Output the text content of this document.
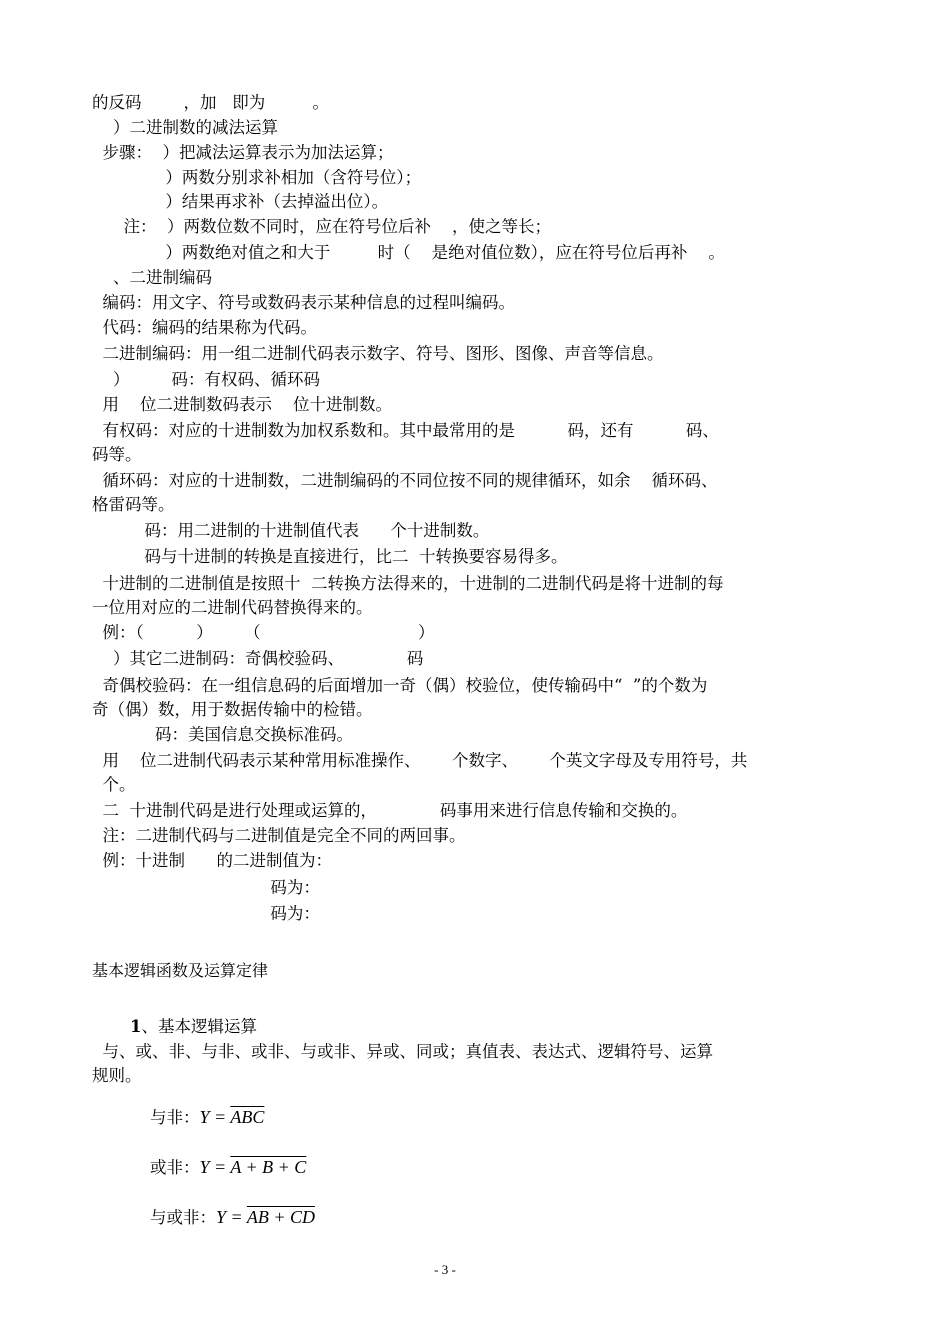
的反码        ，加   即为         。
）二进制数的减法运算
步骤：  ）把减法运算表示为加法运算；
）两数分别求补相加（含符号位）；
）结果再求补（去掉溢出位）。
注：  ）两数位数不同时，应在符号位后补    ，使之等长；
）两数绝对值之和大于         时（    是绝对值位数），应在符号位后再补    。
、二进制编码
编码：用文字、符号或数码表示某种信息的过程叫编码。
代码：编码的结果称为代码。
二进制编码：用一组二进制代码表示数字、符号、图形、图像、声音等信息。
）        码：有权码、循环码
用    位二进制数码表示    位十进制数。
有权码：对应的十进制数为加权系数和。其中最常用的是          码，还有          码、
码等。
循环码：对应的十进制数，二进制编码的不同位按不同的规律循环，如余    循环码、
格雷码等。
码：用二进制的十进制值代表      个十进制数。
码与十进制的转换是直接进行，比二  十转换要容易得多。
十进制的二进制值是按照十  二转换方法得来的，十进制的二进制代码是将十进制的每
一位用对应的二进制代码替换得来的。
例：（          ）      （                              ）
）其它二进制码：奇偶校验码、            码
奇偶校验码：在一组信息码的后面增加一奇（偶）校验位，使传输码中“  ”的个数为
奇（偶）数，用于数据传输中的检错。
码：美国信息交换标准码。
用    位二进制代码表示某种常用标准操作、      个数字、      个英文字母及专用符号，共
个。
二  十进制代码是进行处理或运算的，            码事用来进行信息传输和交换的。
注：二进制代码与二进制值是完全不同的两回事。
例：十进制      的二进制值为：
码为：
码为：
基本逻辑函数及运算定律
1、基本逻辑运算
与、或、非、与非、或非、与或非、异或、同或；真值表、表达式、逻辑符号、运算
规则。
与非：$Y = \overline{ABC}$
或非：Y = A + B + C
与或非：Y = AB + CD
- 3 -
